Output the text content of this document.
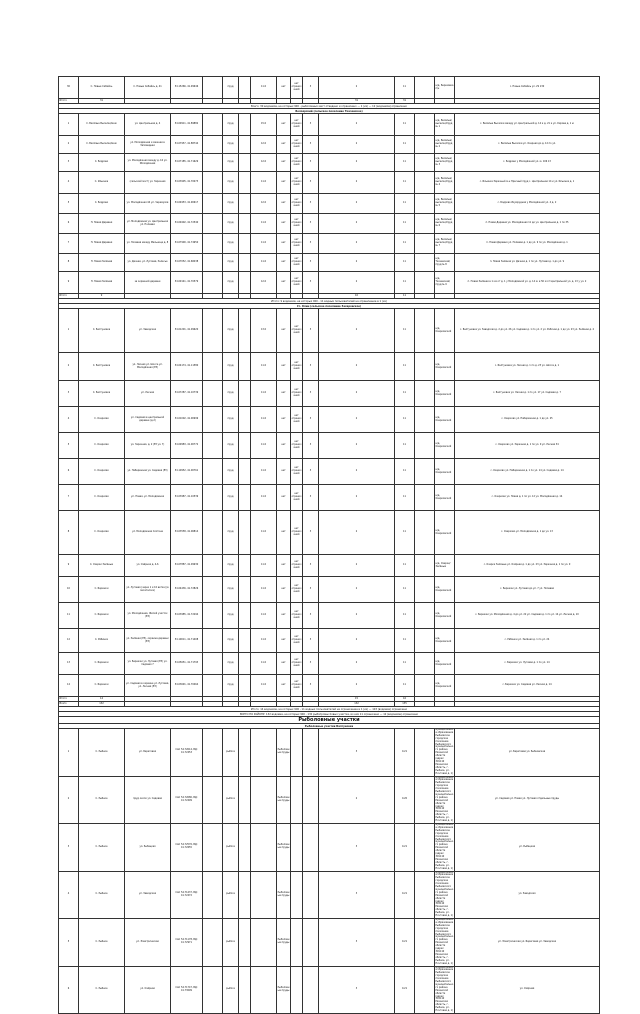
30	С. Новые Сибайкь	С. Новые Сибайкь д. 41	54.15266, 41.99646		пруд		11.0	нет	нет ограничений	3	2	11		н/д. Березовка п/н	с. Новые Сибайкь ул. 29 130
Итого	31										31	31			
Всего: 30 водоемов, на которых 900 - рыболовных мест отведено и ограничено — 1 (из) — 12 (водоемов) ограничено															
Белоярский (сельское поселение Ткачевское)															
1	С. Весёлые Выселки/меж	ул. Центральная д. 4	54.09911, 41.89882		пруд		15.0	нет	нет ограничений	3	2	11		н/д. Весёлые/выселки/пруд № 1	с. Весёлые Выселки между ул. Центральной д. 14 и д. 21 и ул. Кирова д. 1 ю
2	С. Весёлые Выселки/меж	ул. Молодёжная и межная в Заповедная	54.07957, 41.88744		пруд		12.0	нет	нет ограничений	3	2	11		н/д. Весёлые/выселки/пруд № 2	с. Весёлые Выселки ул. Озерная до д. 12 по ул.
3	С. Бодрово	ул. Молодёжная между д. 16 ул. Молодёжная	54.07185, 41.71629		пруд		12.0	нет	нет ограничений	3	2	11		н/д. Весёлые/выселки/пруд № 3	с. Бодрово у Молодёжной ул. м. 106 13
4	С. Ильинка	(сельский мост) ул. Заречная	54.03905, 41.70073		пруд		11.0	нет	нет ограничений	3	2	11		н/д. Весёлые/выселки/пруд № 4	с. Ильинка Заречный м-н Пресный пруд с. Центральная 14 и ул. Ильинка д. 1
5	С. Бодрово	ул. Молодёжная 44 ул. Черемухов	54.04953, 41.90617		пруд		12.0	нет	нет ограничений	3	2	11		н/д. Весёлые/выселки/пруд № 5	с. Бодрово Изумрудная у Молодёжной ул. 4 д. 2
6	П. Новая Деревня	ул. Молодёжная ул. Центральная ул. Полевая	54.09402, 41.72540		пруд		11.0	нет	нет ограничений	3	2	11		н/д. Весёлые/выселки/пруд № 6	п. Новая Деревня ул. Молодёжная 11 до ул. Центральная д. 1 по 35
7	П. Новая Деревня	ул. Полевая между Мельница д. 8	54.07900, 41.74950		пруд		11.0	нет	нет ограничений	3	2	11		н/д. Весёлые/выселки/пруд № 7	п. Новая Деревня ул. Полевая д. 1 до ул. 9 по ул. Молодёжная д. 1
8	П. Новая Зелёная	ул. Дачная, ул. Луговая, Залесье	54.07052, 41.68438		пруд		11.0	нет	нет ограничений	3	2	11		н/д. Ткачевская/пруд № 8	п. Новая Зелёная ул. Дачная д. 1 по ул. Луговая д. 1 до ул. 9
9	П. Новая Зелёная	за окраиной деревни	54.09141, 41.70579		пруд		12.0	нет	нет ограничений	3	2	11		н/д. Ткачевская/пруд № 9	п. Новая Зелёная в 1 км от д. 1 у Молодёжной ул. д. 14 м. в 50 м от Центральной ул. д. 13 у ул. 2
Итого	9										10	11			
Итого: 9 водоемов, на которых 900 - 11 водных пользователей на ограничение в 1 (из)															
Ст. Клин (сельское поселение Захаровское)															
1	С. Балтуновка	ул. Заводская	54.01201, 41.09620		пруд		13.0	нет	нет ограничений	3	2	11		н/д. Озерковский	с. Балтуновка ул. Заводская д. 2 до ул. 26 ул. Садовая д. 1 по ул. 2 ул. Рабочая д. 1 до ул. 23 ул. Зелёная д. 4
2	С. Балтуновка	ул. Лесная ул. Шоссе ул. Молодёжная (ЕЗ)	54.04174, 41.11580		пруд		11.0	нет	нет ограничений	3	2	11		н/д. Озерковский	с. Балтуновка ул. Лесная д. 1 по д. 23 ул. Шоссе д. 1
3	С. Балтуновка	ул. Лесная	54.07287, 41.10739		пруд		11.0	нет	нет ограничений	3	2	11		н/д. Озерковский	с. Балтуновка ул. Лесная д. 1 по ул. 17 ул. Садовая д. 7
4	С. Озерково	ул. Садовая в центральной деревне (д.2)	54.01002, 41.00999		пруд		11.0	нет	нет ограничений	3	2	11		н/д. Озерковский	с. Озерково ул. Набережная д. 1 до ул. 25
5	С. Озерково	ул. Заречная, д. 2 (ЕЗ ул. 7)	54.09983, 41.00772		пруд		11.0	нет	нет ограничений	3	2	11		н/д. Озерковский	с. Озерково ул. Заречная д. 1 по ул. 9 ул. Лесная 34
6	С. Озерково	ул. Набережная ул. Садовая (ЕЗ)	54.10952, 41.00761		пруд		11.0	нет	нет ограничений	3	2	11		н/д. Озерковский	с. Озерково ул. Набережная д. 1 по ул. 14 ул. Садовая д. 14
7	С. Озерково	ул. Новая, ул. Молодёжная	54.03987, 41.10539		пруд		11.0	нет	нет ограничений	3	2	11		н/д. Озерковский	с. Озерково ул. Новая д. 1 по ул. 12 ул. Молодёжная д. 14
8	С. Озерково	ул. Молодёжная плотина	54.03558, 41.06814		пруд		11.0	нет	нет ограничений	3	2	11		н/д. Озерковский	с. Озерково ул. Молодёжная д. 1 до ул. 13
9	С. Озерки Зелёные	ул. Озёрная д. 4-6	54.07887, 41.09930		пруд		11.0	нет	нет ограничений	3	2	11		н/д. Озерки/Зелёные	с. Озерки Зелёные ул. Озёрная д. 1 до ул. 23 ул. Заречная д. 1 по ул. 9
10	С. Бережки	ул. Луговая (через 1 и 10 ветка) (в лесополосе)	54.04436, 41.72826		пруд		11.0	нет	нет ограничений	3	2	11		н/д. Озерковский	с. Бережки ул. Луговая до ул. 7 ул. Полевая
11	С. Бережки	ул. Молодёжная, Жилой участок (ЕЗ)	54.03985, 41.72294		пруд		11.0	нет	нет ограничений	3	2	11		н/д. Озерковский	с. Бережки ул. Молодёжная д. 4 до ул. 22 ул. Садовая д. 1 по ул. 14 ул. Лесная д. 10
12	С. Рябинки	ул. Зелёная (ЕЗ), окраина деревни (ЕЗ)	54.10011, 41.71408		пруд		11.0	нет	нет ограничений	3	2	11		н/д. Озерковский	с. Рябинки ул. Зелёная д. 1 по ул. 24
13	С. Бережки	ул. Бережки ул. Луговая (ЕЗ) ул. Садовая 7	54.05651, 41.71793		пруд		11.0	нет	нет ограничений	3	2	11		н/д. Озерковский	с. Бережки ул. Луговая д. 1 по ул. 14
14	С. Бережки	ул. Садовая в окраине ул. Луговая, ул. Лесная (ЕЗ)	54.03691, 41.70464		пруд		11.0	нет	нет ограничений	3	2	11		н/д. Озерковский	с. Бережки ул. Садовая ул. Лесная д. 14
Итого	14										15	16			
Всего	132										132	135			
Итого: 14 водоемов, на которых 900 - 11 водных пользователей на ограничение в 1 (из) — 103 (водоема) ограничено															
ВСЕГО ПО РАЙОНУ: 132 водоема, на которых 900 - 132 рыбопромысловых участка, из них 11 ограничено — 12 (водоемов) ограничено															
Рыболовные участки															
Рыболовные участки Балтуновка															
1	С. Рыбное	ул. Береговая	СШ: 54.72614, ВД: 41.72453		рыбхоз			Рыболовные пруды			3	0.21		муниципальное образование Рыбновское городское поселение Рыбновского муниципального района Рязанской области (адрес: 391110 Рязанская область, г. Рыбное, ул. Почтовая д. 1)	ул. Береговая ул. Рыбновская
2	С. Рыбное	пруд около ул. Садовая	СШ: 54.72680, ВД: 41.72499		рыбхоз			Рыболовные пруды			2	0.20		муниципальное образование Рыбновское городское поселение Рыбновского муниципального района Рязанской области (адрес: 391110 Рязанская область, г. Рыбное, ул. Почтовая д. 1)	ул. Садовая ул. Новая ул. Луговая отдельные пруды
3	С. Рыбное	ул. Рыбацкая	СШ: 54.72576, ВД: 41.72655		рыбхоз			Рыболовные пруды			3	0.21		муниципальное образование Рыбновское городское поселение Рыбновского муниципального района Рязанской области (адрес: 391110 Рязанская область, г. Рыбное, ул. Почтовая д. 1)	ул. Рыбацкая
4	С. Рыбное	ул. Заводская	СШ: 54.71437, ВД: 41.72472		рыбхоз			Рыболовные пруды			3	0.21		муниципальное образование Рыбновское городское поселение Рыбновского муниципального района Рязанской области (адрес: 391110 Рязанская область, г. Рыбное, ул. Почтовая д. 1)	ул. Заводская
5	С. Рыбное	ул. Электрическая	СШ: 54.71178, ВД: 41.72971		рыбхоз			Рыболовные пруды			3	0.21		муниципальное образование Рыбновское городское поселение Рыбновского муниципального района Рязанской области (адрес: 391110 Рязанская область, г. Рыбное, ул. Почтовая д. 1)	ул. Электрическая ул. Береговая ул. Заводская
6	С. Рыбное	ул. Озёрная	СШ: 54.71747, ВД: 41.73099		рыбхоз			Рыболовные пруды			3	0.21		муниципальное образование Рыбновское городское поселение Рыбновского муниципального района Рязанской области (адрес: 391110 Рязанская область, г. Рыбное, ул. Почтовая д. 1)	ул. Озёрная
